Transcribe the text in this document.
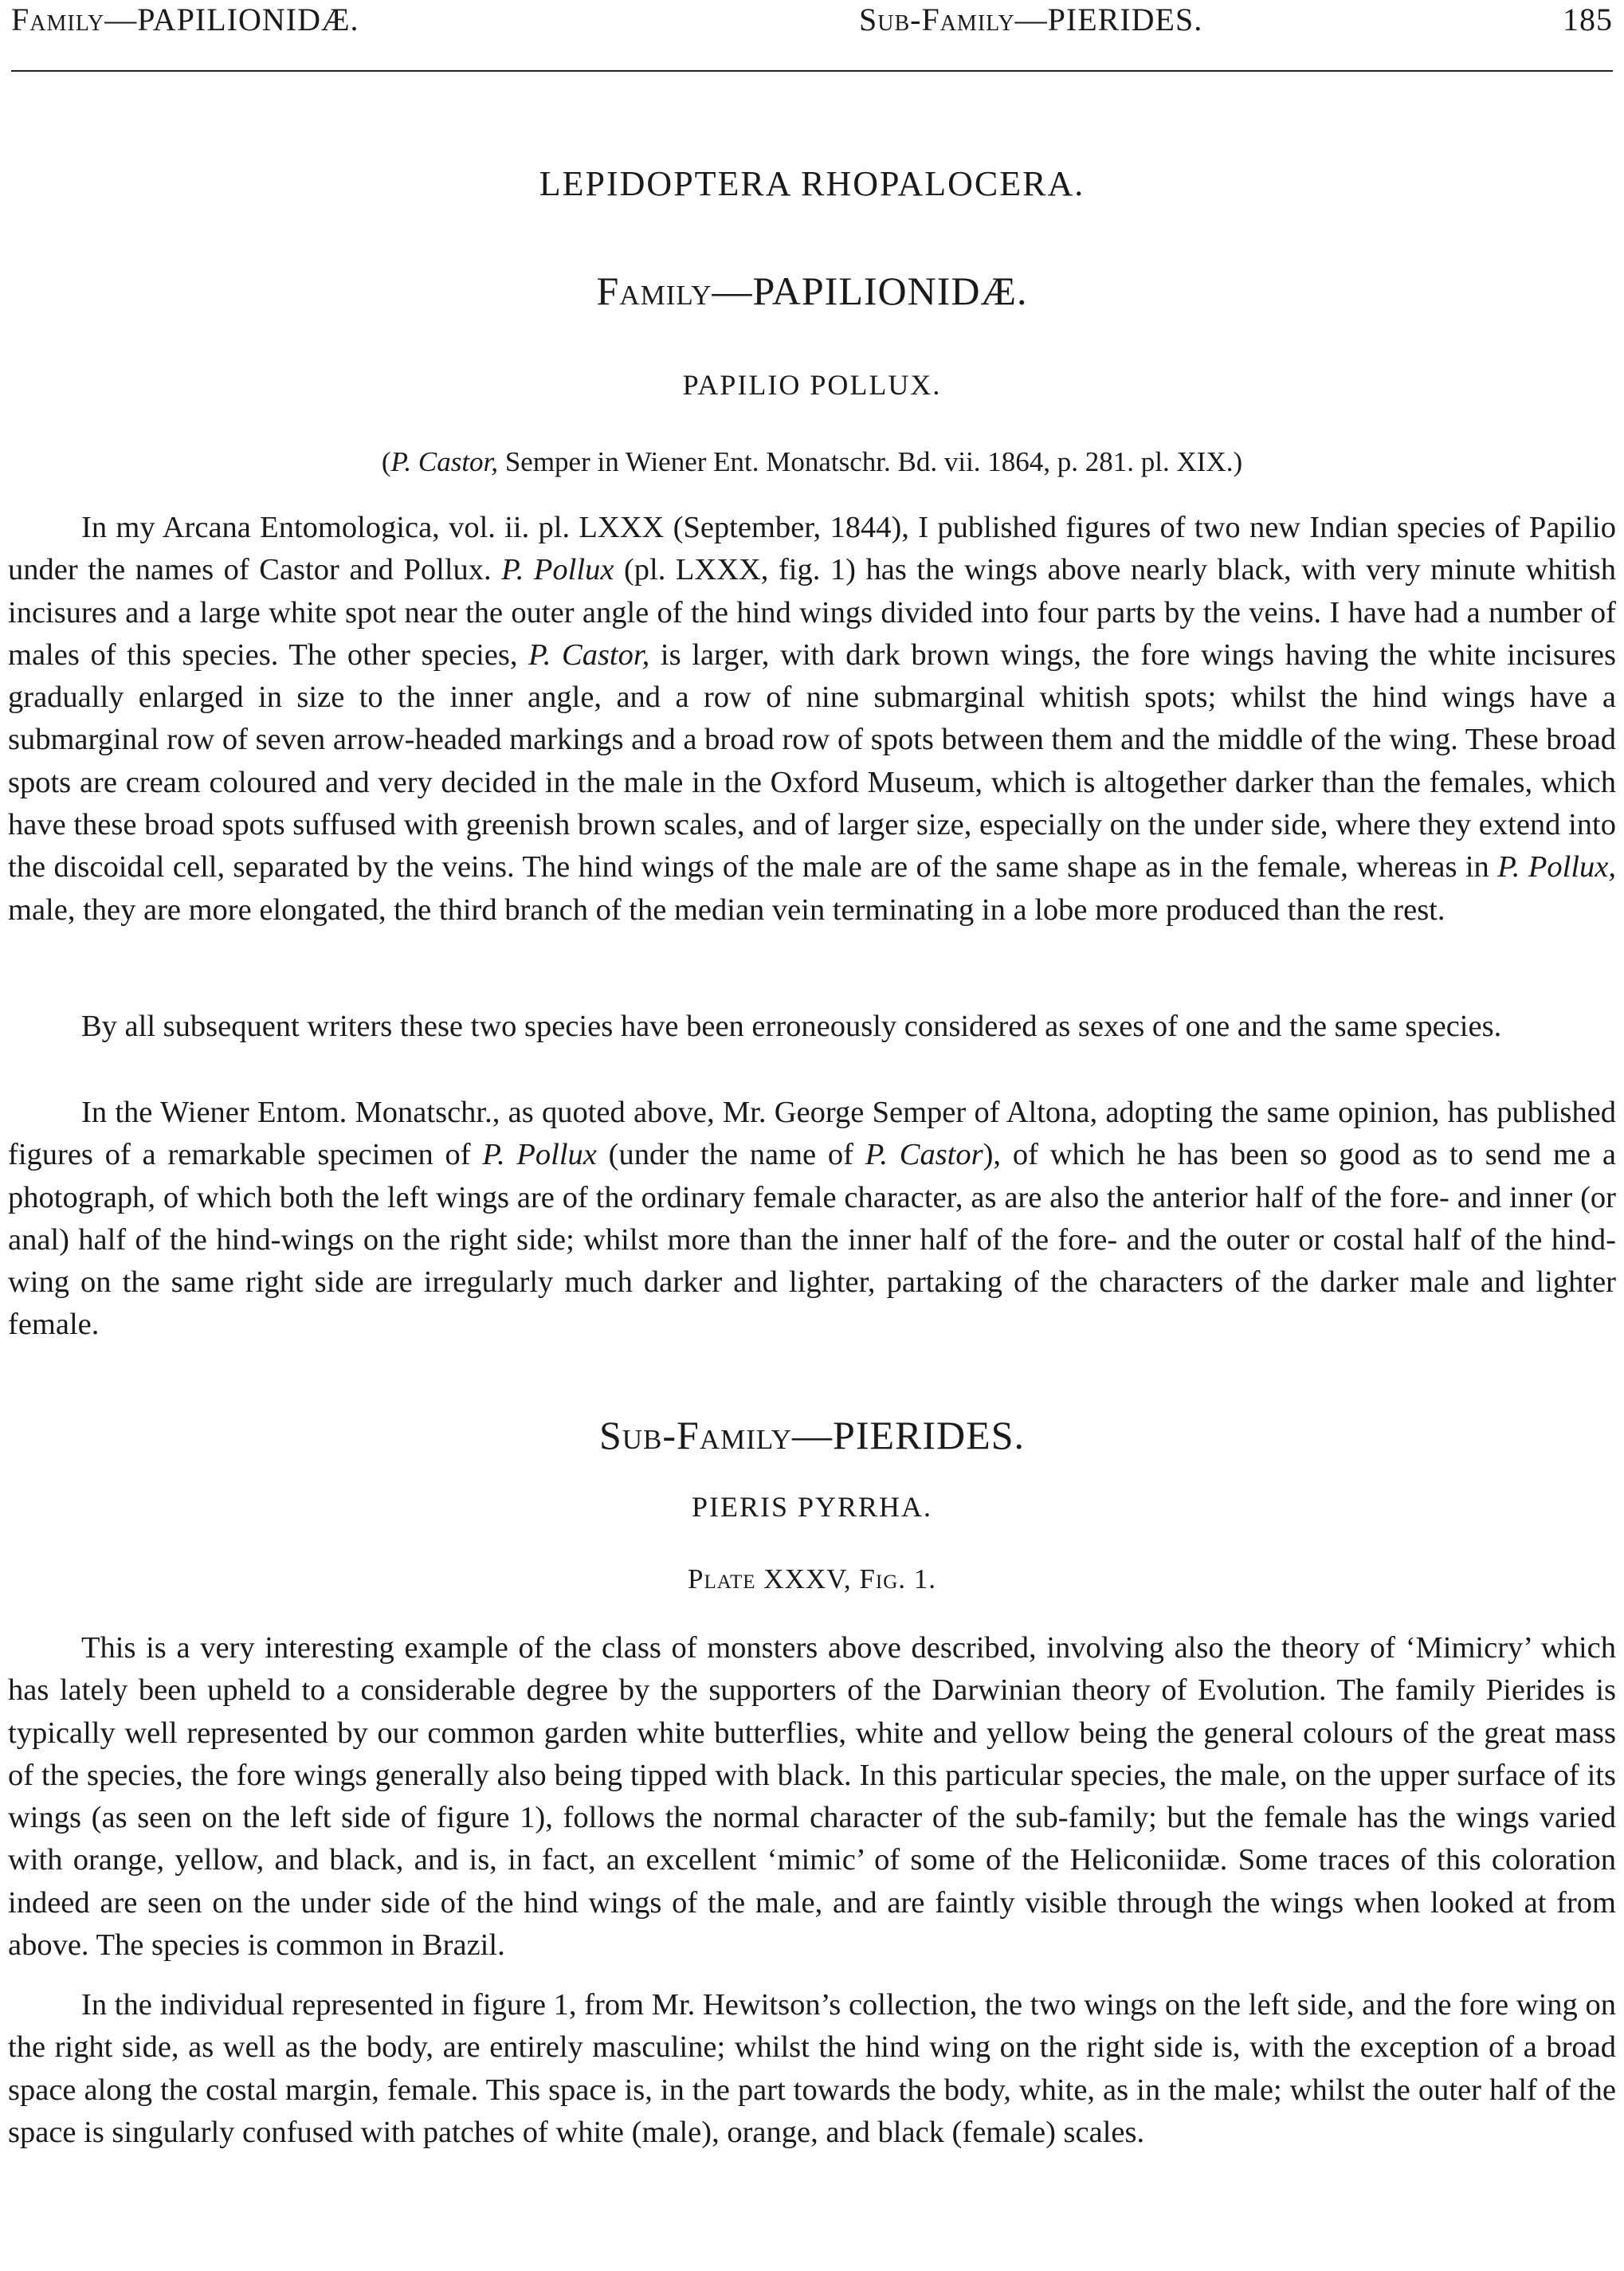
Family—PAPILIONIDÆ.	Sub-Family—PIERIDES.	185
LEPIDOPTERA RHOPALOCERA.
Family—PAPILIONIDÆ.
PAPILIO POLLUX.
(P. Castor, Semper in Wiener Ent. Monatschr. Bd. vii. 1864, p. 281. pl. XIX.)

In my Arcana Entomologica, vol. ii. pl. LXXX (September, 1844), I published figures of two new Indian species of Papilio under the names of Castor and Pollux. P. Pollux (pl. LXXX, fig. 1) has the wings above nearly black, with very minute whitish incisures and a large white spot near the outer angle of the hind wings divided into four parts by the veins. I have had a number of males of this species. The other species, P. Castor, is larger, with dark brown wings, the fore wings having the white incisures gradually enlarged in size to the inner angle, and a row of nine submarginal whitish spots; whilst the hind wings have a submarginal row of seven arrow-headed markings and a broad row of spots between them and the middle of the wing. These broad spots are cream coloured and very decided in the male in the Oxford Museum, which is altogether darker than the females, which have these broad spots suffused with greenish brown scales, and of larger size, especially on the under side, where they extend into the discoidal cell, separated by the veins. The hind wings of the male are of the same shape as in the female, whereas in P. Pollux, male, they are more elongated, the third branch of the median vein terminating in a lobe more produced than the rest.

By all subsequent writers these two species have been erroneously considered as sexes of one and the same species.

In the Wiener Entom. Monatschr., as quoted above, Mr. George Semper of Altona, adopting the same opinion, has published figures of a remarkable specimen of P. Pollux (under the name of P. Castor), of which he has been so good as to send me a photograph, of which both the left wings are of the ordinary female character, as are also the anterior half of the fore- and inner (or anal) half of the hind-wings on the right side; whilst more than the inner half of the fore- and the outer or costal half of the hind-wing on the same right side are irregularly much darker and lighter, partaking of the characters of the darker male and lighter female.

Sub-Family—PIERIDES.
PIERIS PYRRHA.
Plate XXXV, Fig. 1.

This is a very interesting example of the class of monsters above described, involving also the theory of ‘Mimicry’ which has lately been upheld to a considerable degree by the supporters of the Darwinian theory of Evolution. The family Pierides is typically well represented by our common garden white butterflies, white and yellow being the general colours of the great mass of the species, the fore wings generally also being tipped with black. In this particular species, the male, on the upper surface of its wings (as seen on the left side of figure 1), follows the normal character of the sub-family; but the female has the wings varied with orange, yellow, and black, and is, in fact, an excellent ‘mimic’ of some of the Heliconiidæ. Some traces of this coloration indeed are seen on the under side of the hind wings of the male, and are faintly visible through the wings when looked at from above. The species is common in Brazil.

In the individual represented in figure 1, from Mr. Hewitson’s collection, the two wings on the left side, and the fore wing on the right side, as well as the body, are entirely masculine; whilst the hind wing on the right side is, with the exception of a broad space along the costal margin, female. This space is, in the part towards the body, white, as in the male; whilst the outer half of the space is singularly confused with patches of white (male), orange, and black (female) scales.
